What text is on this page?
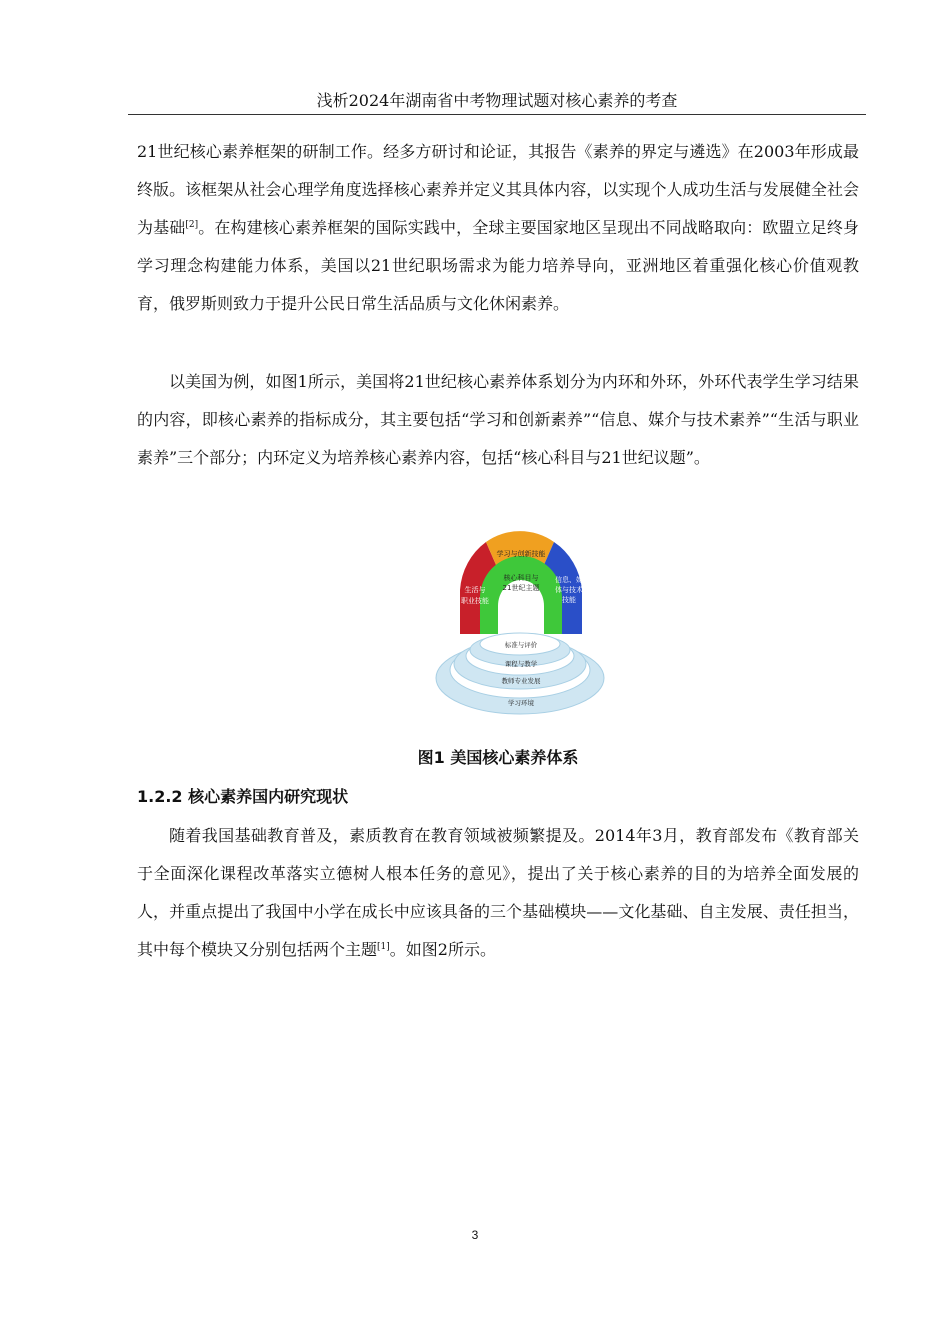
浅析2024年湖南省中考物理试题对核心素养的考查

21世纪核心素养框架的研制工作。经多方研讨和论证，其报告《素养的界定与遴选》在2003年形成最终版。该框架从社会心理学角度选择核心素养并定义其具体内容，以实现个人成功生活与发展健全社会为基础[2]。在构建核心素养框架的国际实践中，全球主要国家地区呈现出不同战略取向：欧盟立足终身学习理念构建能力体系，美国以21世纪职场需求为能力培养导向，亚洲地区着重强化核心价值观教育，俄罗斯则致力于提升公民日常生活品质与文化休闲素养。

以美国为例，如图1所示，美国将21世纪核心素养体系划分为内环和外环，外环代表学生学习结果的内容，即核心素养的指标成分，其主要包括“学习和创新素养”“信息、媒介与技术素养”“生活与职业素养”三个部分；内环定义为培养核心素养内容，包括“核心科目与21世纪议题”。

学习与创新技能
生活与
职业技能
信息、媒
体与技术
技能
核心科目与
21世纪主题
标准与评价
课程与教学
教师专业发展
学习环境
图1 美国核心素养体系
1.2.2 核心素养国内研究现状

随着我国基础教育普及，素质教育在教育领域被频繁提及。2014年3月，教育部发布《教育部关于全面深化课程改革落实立德树人根本任务的意见》，提出了关于核心素养的目的为培养全面发展的人，并重点提出了我国中小学在成长中应该具备的三个基础模块——文化基础、自主发展、责任担当，其中每个模块又分别包括两个主题[1]。如图2所示。

3
